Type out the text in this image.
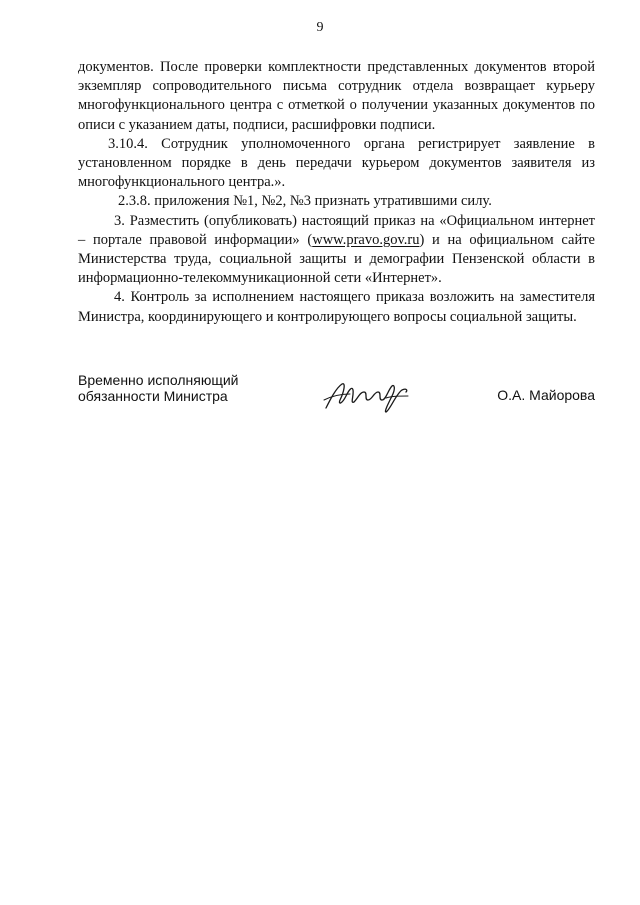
9

документов. После проверки комплектности представленных документов второй экземпляр сопроводительного письма сотрудник отдела возвращает курьеру многофункционального центра с отметкой о получении указанных документов по описи с указанием даты, подписи, расшифровки подписи.

3.10.4. Сотрудник уполномоченного органа регистрирует заявление в установленном порядке в день передачи курьером документов заявителя из многофункционального центра.».

2.3.8. приложения №1, №2, №3 признать утратившими силу.

3. Разместить (опубликовать) настоящий приказ на «Официальном интернет – портале правовой информации» (www.pravo.gov.ru) и на официальном сайте Министерства труда, социальной защиты и демографии Пензенской области в информационно-телекоммуникационной сети «Интернет».

4. Контроль за исполнением настоящего приказа возложить на заместителя Министра, координирующего и контролирующего вопросы социальной защиты.

Временно исполняющий
обязанности Министра	О.А. Майорова
